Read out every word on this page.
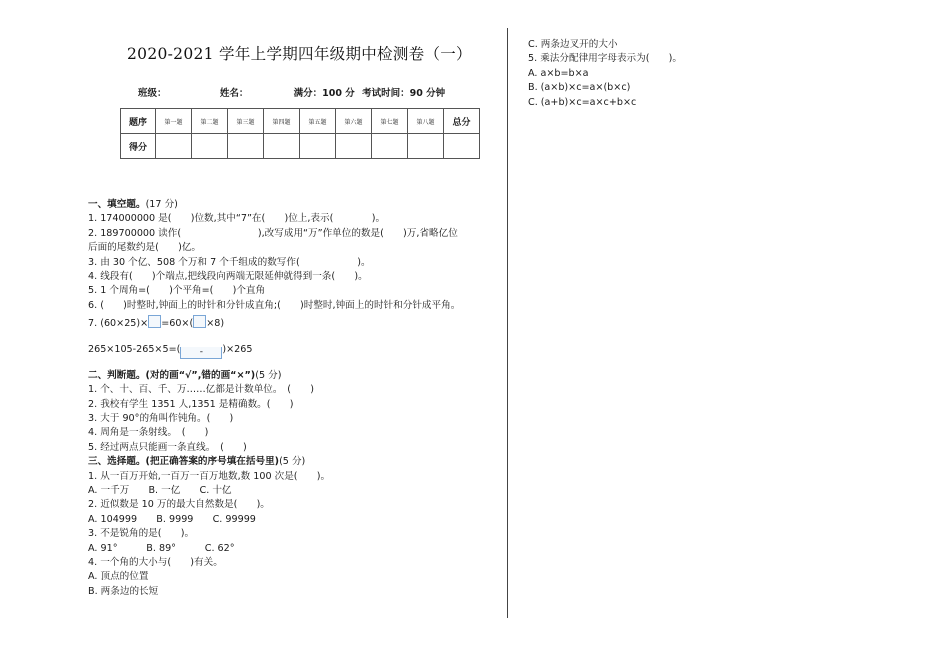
2020-2021 学年上学期四年级期中检测卷（一）
班级：	姓名：	满分：100 分 考试时间：90 分钟
题序	第一题	第二题	第三题	第四题	第五题	第六题	第七题	第八题	总分
得分									
一、填空题。(17 分)
1. 174000000 是(　　)位数,其中“7”在(　　)位上,表示(　　　　)。
2. 189700000 读作(　　　　　　　　),改写成用“万”作单位的数是(　　)万,省略亿位
后面的尾数约是(　　)亿。
3. 由 30 个亿、508 个万和 7 个千组成的数写作(　　　　　　)。
4. 线段有(　　)个端点,把线段向两端无限延伸就得到一条(　　)。
5. 1 个周角=(　　)个平角=(　　)个直角
6. (　　)时整时,钟面上的时针和分针成直角;(　　)时整时,钟面上的时针和分针成平角。
7. (60×25)× =60×( ×8)
265×105-265×5=( - )×265
二、判断题。(对的画“√”,错的画“×”)(5 分)
1. 个、十、百、千、万……亿都是计数单位。　(　　)
2. 我校有学生 1351 人,1351 是精确数。(　　)
3. 大于 90°的角叫作钝角。(　　)
4. 周角是一条射线。　(　　)
5. 经过两点只能画一条直线。　(　　)
三、选择题。(把正确答案的序号填在括号里)(5 分)
1. 从一百万开始,一百万一百万地数,数 100 次是(　　)。
A. 一千万　　B. 一亿　　C. 十亿
2. 近似数是 10 万的最大自然数是(　　)。
A. 104999　　B. 9999　　C. 99999
3. 不是锐角的是(　　)。
A. 91°　　　B. 89°　　　C. 62°
4. 一个角的大小与(　　)有关。
A. 顶点的位置
B. 两条边的长短
C. 两条边叉开的大小
5. 乘法分配律用字母表示为(　　)。
A. a×b=b×a
B. (a×b)×c=a×(b×c)
C. (a+b)×c=a×c+b×c
